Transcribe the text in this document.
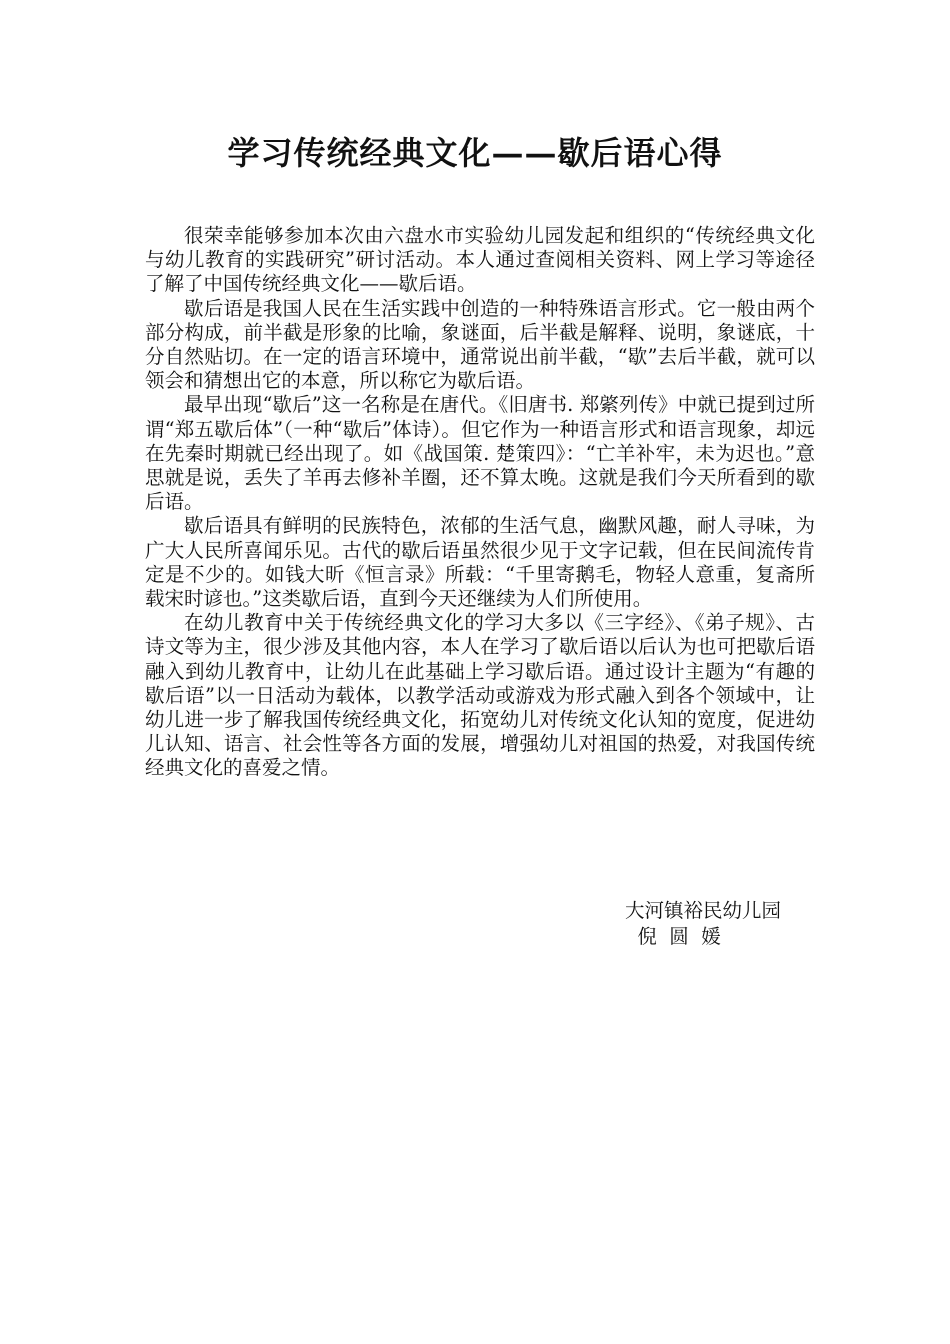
学习传统经典文化——歇后语心得

很荣幸能够参加本次由六盘水市实验幼儿园发起和组织的“传统经典文化与幼儿教育的实践研究”研讨活动。本人通过查阅相关资料、网上学习等途径了解了中国传统经典文化——歇后语。

歇后语是我国人民在生活实践中创造的一种特殊语言形式。它一般由两个部分构成，前半截是形象的比喻，象谜面，后半截是解释、说明，象谜底，十分自然贴切。在一定的语言环境中，通常说出前半截，“歇”去后半截，就可以领会和猜想出它的本意，所以称它为歇后语。

最早出现“歇后”这一名称是在唐代。《旧唐书. 郑綮列传》中就已提到过所谓“郑五歇后体”（一种“歇后”体诗）。但它作为一种语言形式和语言现象，却远在先秦时期就已经出现了。如《战国策. 楚策四》：“亡羊补牢，未为迟也。”意思就是说，丢失了羊再去修补羊圈，还不算太晚。这就是我们今天所看到的歇后语。

歇后语具有鲜明的民族特色，浓郁的生活气息，幽默风趣，耐人寻味，为广大人民所喜闻乐见。古代的歇后语虽然很少见于文字记载，但在民间流传肯定是不少的。如钱大昕《恒言录》所载：“千里寄鹅毛，物轻人意重，复斋所载宋时谚也。”这类歇后语，直到今天还继续为人们所使用。

在幼儿教育中关于传统经典文化的学习大多以《三字经》、《弟子规》、古诗文等为主，很少涉及其他内容，本人在学习了歇后语以后认为也可把歇后语融入到幼儿教育中，让幼儿在此基础上学习歇后语。通过设计主题为“有趣的歇后语”以一日活动为载体，以教学活动或游戏为形式融入到各个领域中，让幼儿进一步了解我国传统经典文化，拓宽幼儿对传统文化认知的宽度，促进幼儿认知、语言、社会性等各方面的发展，增强幼儿对祖国的热爱，对我国传统经典文化的喜爱之情。

大河镇裕民幼儿园
倪  圆  媛
